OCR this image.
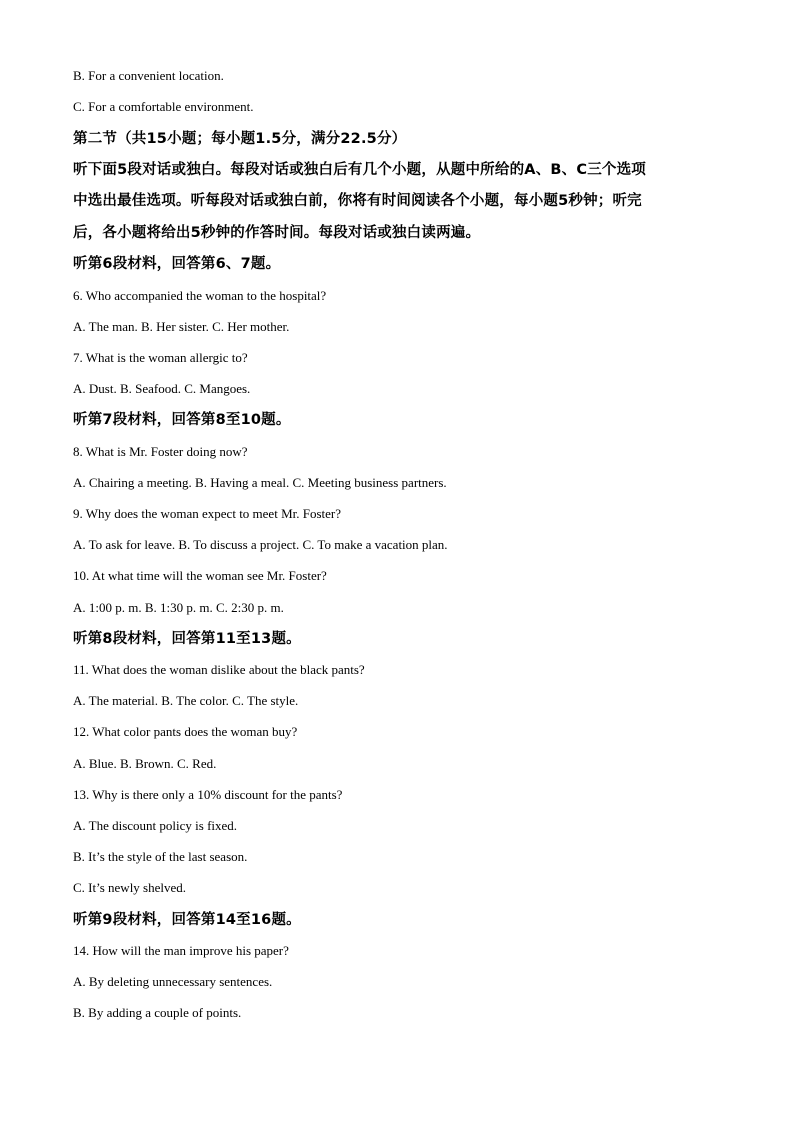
B. For a convenient location.
C. For a comfortable environment.
第二节（共15小题；每小题1.5分，满分22.5分）
听下面5段对话或独白。每段对话或独白后有几个小题，从题中所给的A、B、C三个选项
中选出最佳选项。听每段对话或独白前，你将有时间阅读各个小题，每小题5秒钟；听完
后，各小题将给出5秒钟的作答时间。每段对话或独白读两遍。
听第6段材料，回答第6、7题。
6. Who accompanied the woman to the hospital?
A. The man. B. Her sister. C. Her mother.
7. What is the woman allergic to?
A. Dust. B. Seafood. C. Mangoes.
听第7段材料，回答第8至10题。
8. What is Mr. Foster doing now?
A. Chairing a meeting. B. Having a meal. C. Meeting business partners.
9. Why does the woman expect to meet Mr. Foster?
A. To ask for leave. B. To discuss a project. C. To make a vacation plan.
10. At what time will the woman see Mr. Foster?
A. 1:00 p. m. B. 1:30 p. m. C. 2:30 p. m.
听第8段材料，回答第11至13题。
11. What does the woman dislike about the black pants?
A. The material. B. The color. C. The style.
12. What color pants does the woman buy?
A. Blue. B. Brown. C. Red.
13. Why is there only a 10% discount for the pants?
A. The discount policy is fixed.
B. It’s the style of the last season.
C. It’s newly shelved.
听第9段材料，回答第14至16题。
14. How will the man improve his paper?
A. By deleting unnecessary sentences.
B. By adding a couple of points.
